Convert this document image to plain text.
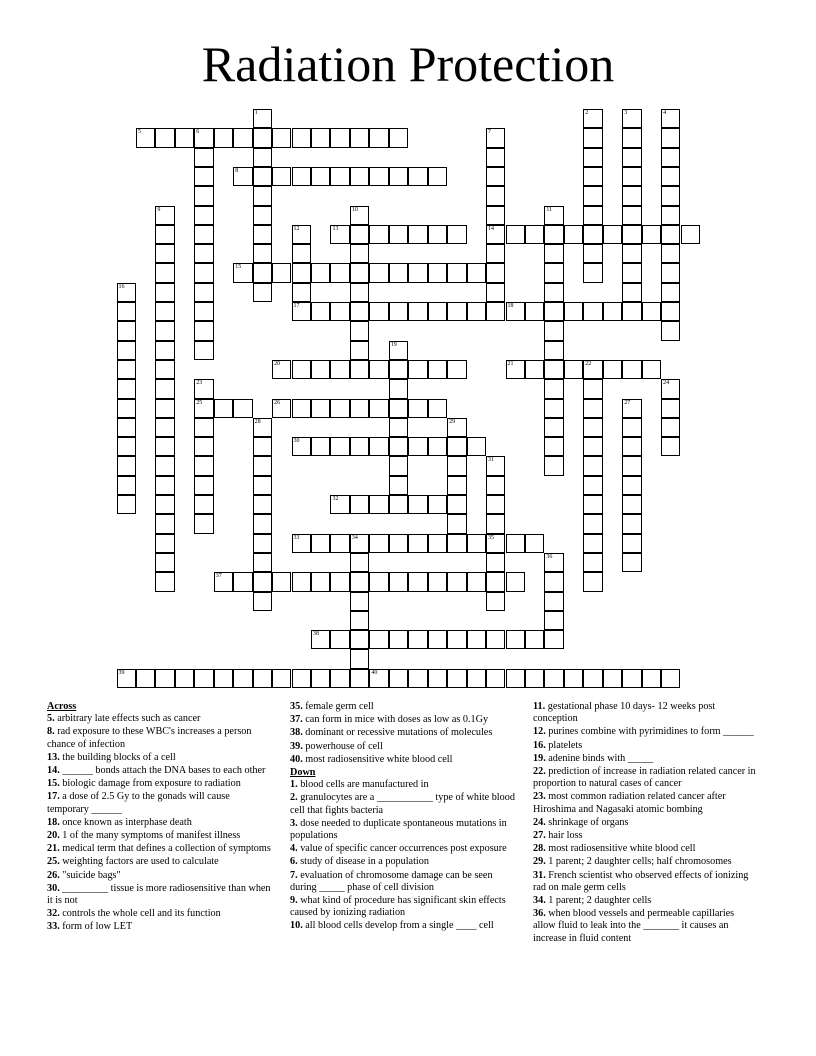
Radiation Protection
5	6
8
13	14
15
17	18
20	21	22
25	26
30
32
33	34	35
37
38
39	40
1	2	3	4
7
9	10	11
12
16
19
23	24
27
28	29
31
36
Across
5. arbitrary late effects such as cancer
8. rad exposure to these WBC's increases a person chance of infection
13. the building blocks of a cell
14. ______ bonds attach the DNA bases to each other
15. biologic damage from exposure to radiation
17. a dose of 2.5 Gy to the gonads will cause temporary ______
18. once known as interphase death
20. 1 of the many symptoms of manifest illness
21. medical term that defines a collection of symptoms
25. weighting factors are used to calculate
26. "suicide bags"
30. _________ tissue is more radiosensitive than when it is not
32. controls the whole cell and its function
33. form of low LET
35. female germ cell
37. can form in mice with doses as low as 0.1Gy
38. dominant or recessive mutations of molecules
39. powerhouse of cell
40. most radiosensitive white blood cell
Down
1. blood cells are manufactured in
2. granulocytes are a ___________ type of white blood cell that fights bacteria
3. dose needed to duplicate spontaneous mutations in populations
4. value of specific cancer occurrences post exposure
6. study of disease in a population
7. evaluation of chromosome damage can be seen during _____ phase of cell division
9. what kind of procedure has significant skin effects caused by ionizing radiation
10. all blood cells develop from a single ____ cell
11. gestational phase 10 days- 12 weeks post conception
12. purines combine with pyrimidines to form ______
16. platelets
19. adenine binds with _____
22. prediction of increase in radiation related cancer in proportion to natural cases of cancer
23. most common radiation related cancer after Hiroshima and Nagasaki atomic bombing
24. shrinkage of organs
27. hair loss
28. most radiosensitive white blood cell
29. 1 parent; 2 daughter cells; half chromosomes
31. French scientist who observed effects of ionizing rad on male germ cells
34. 1 parent; 2 daughter cells
36. when blood vessels and permeable capillaries allow fluid to leak into the _______ it causes an increase in fluid content
